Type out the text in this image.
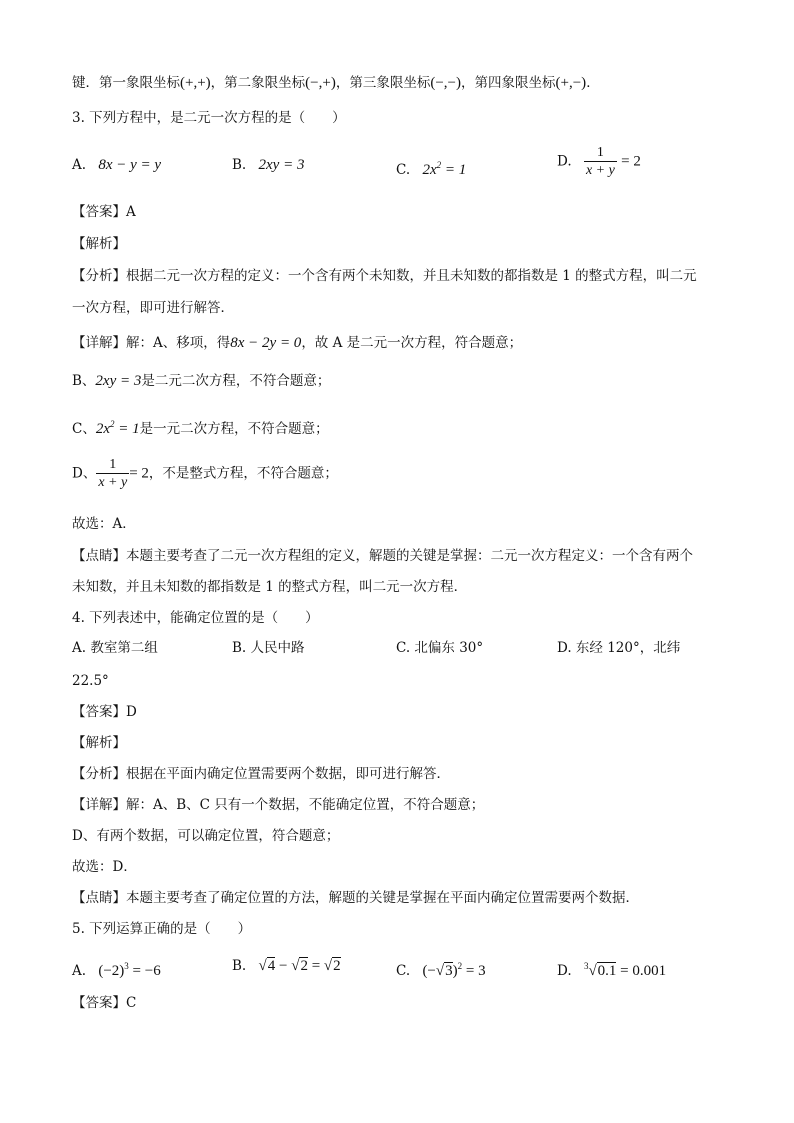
键．第一象限坐标(+,+)，第二象限坐标(−,+)，第三象限坐标(−,−)，第四象限坐标(+,−)．
3. 下列方程中，是二元一次方程的是（　　）
A. 8x − y = y	B. 2xy = 3	C. $2x^2 = 1$
D. $\frac{1}{x + y} = 2$
【答案】A
【解析】
【分析】根据二元一次方程的定义：一个含有两个未知数，并且未知数的都指数是 1 的整式方程，叫二元
一次方程，即可进行解答．
【详解】解：A、移项，得8x − 2y = 0，故 A 是二元一次方程，符合题意；
B、2xy = 3是二元二次方程，不符合题意；
C、$2x^2 = 1$是一元二次方程，不符合题意；
D、 $\frac{1}{x + y} = 2$，不是整式方程，不符合题意；
故选：A．
【点睛】本题主要考查了二元一次方程组的定义，解题的关键是掌握：二元一次方程定义：一个含有两个
未知数，并且未知数的都指数是 1 的整式方程，叫二元一次方程．
4. 下列表述中，能确定位置的是（　　）
A. 教室第二组	B. 人民中路	C. 北偏东 30°	D. 东经 120°，北纬
22.5°
【答案】D
【解析】
【分析】根据在平面内确定位置需要两个数据，即可进行解答．
【详解】解：A、B、C 只有一个数据，不能确定位置，不符合题意；
D、有两个数据，可以确定位置，符合题意；
故选：D．
【点睛】本题主要考查了确定位置的方法，解题的关键是掌握在平面内确定位置需要两个数据．
5. 下列运算正确的是（　　）
A. $(-2)^3 = -6$	B. √4 − √2 = √2	C. $(-√3)^2 = 3$	D. $^3$√0.1 = 0.001
【答案】C
